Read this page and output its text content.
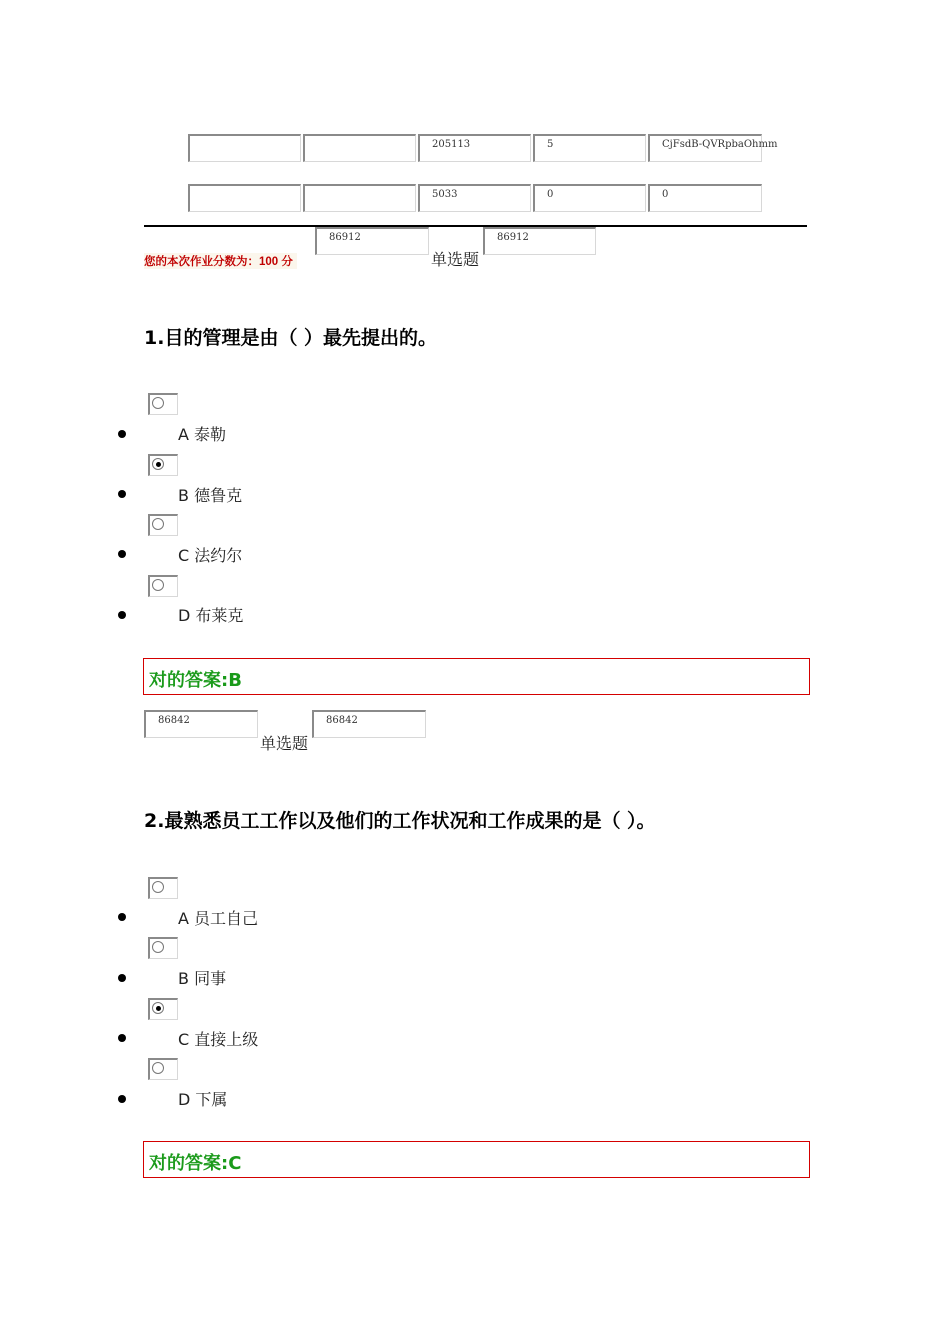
205113	5	CjFsdB-QVRpbaOhmm
5033	0	0
您的本次作业分数为：100 分
86912
单选题
86912
1.目的管理是由（ ）最先提出的。
A 泰勒
B 德鲁克
C 法约尔
D 布莱克
对的答案:B
86842
单选题
86842
2.最熟悉员工工作以及他们的工作状况和工作成果的是（ ）。
A 员工自己
B 同事
C 直接上级
D 下属
对的答案:C
